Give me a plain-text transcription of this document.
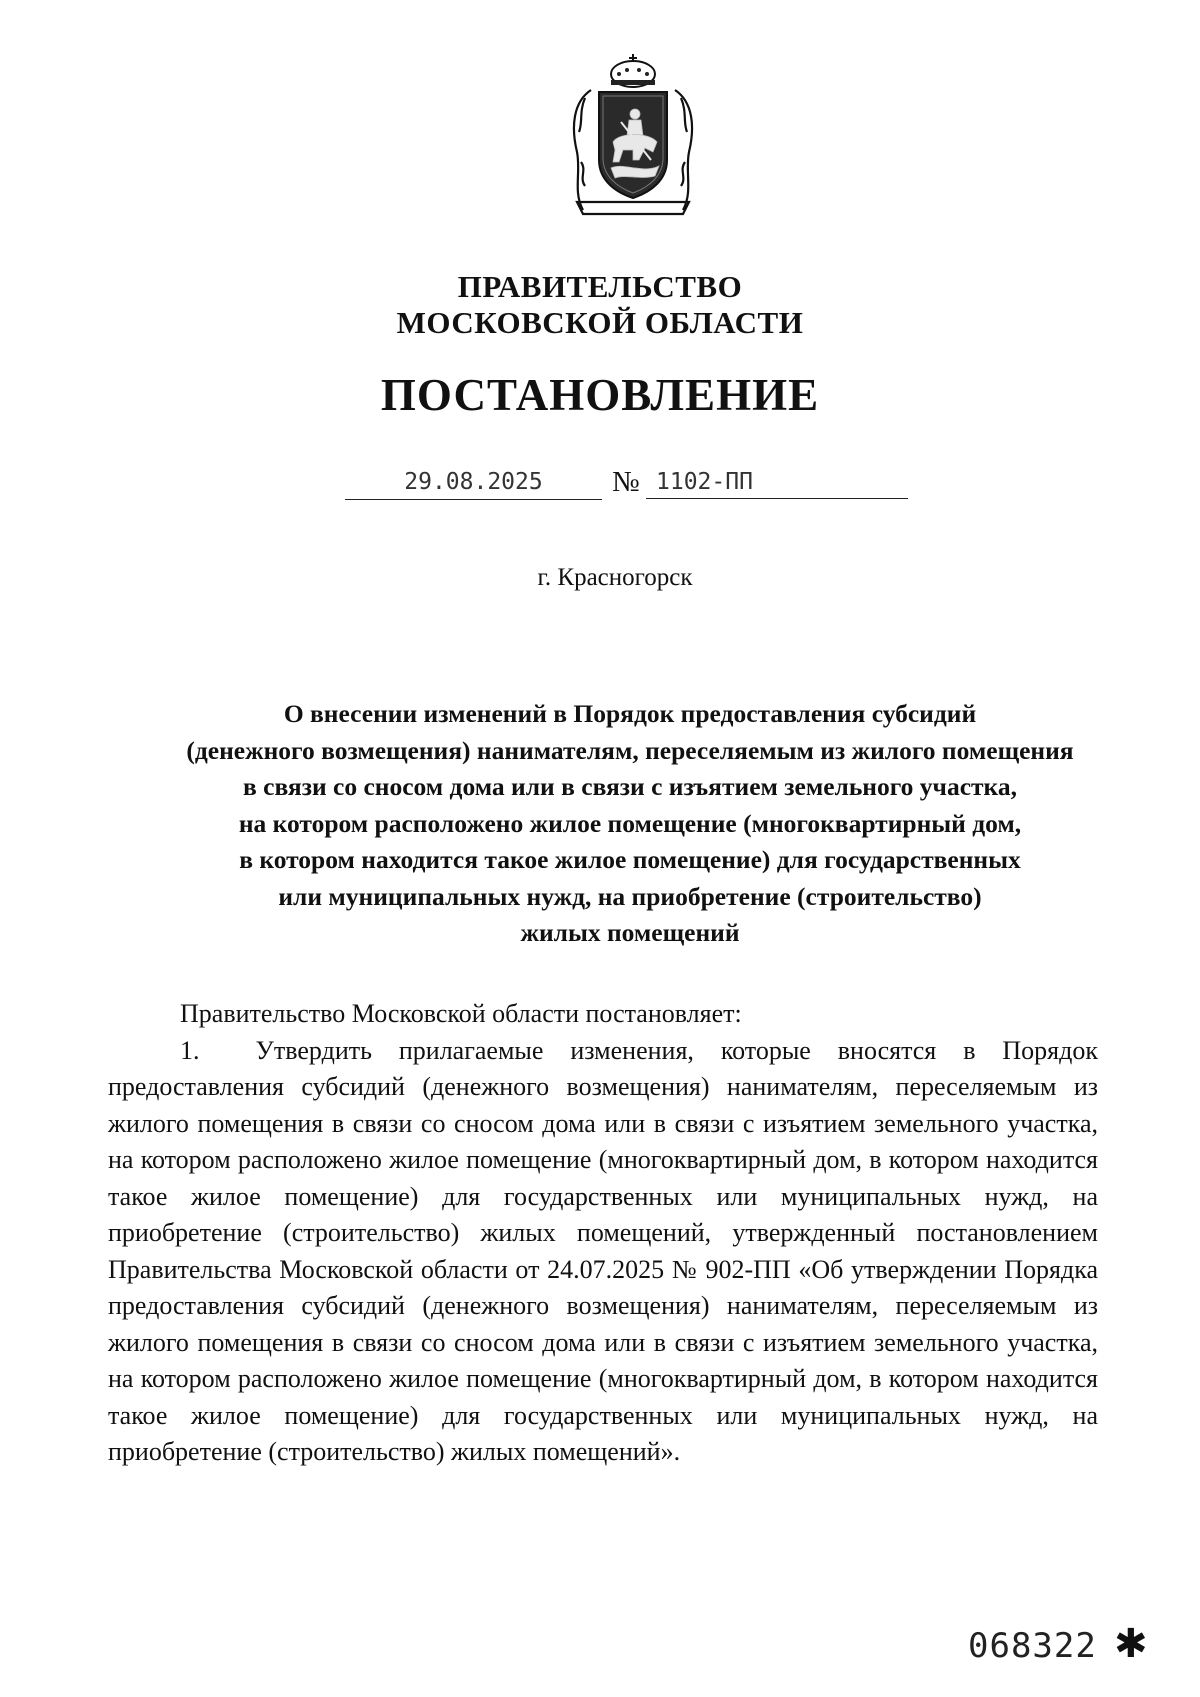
ПРАВИТЕЛЬСТВО
МОСКОВСКОЙ ОБЛАСТИ
ПОСТАНОВЛЕНИЕ
29.08.2025	№ 1102-ПП
г. Красногорск
О внесении изменений в Порядок предоставления субсидий
(денежного возмещения) нанимателям, переселяемым из жилого помещения
в связи со сносом дома или в связи с изъятием земельного участка,
на котором расположено жилое помещение (многоквартирный дом,
в котором находится такое жилое помещение) для государственных
или муниципальных нужд, на приобретение (строительство)
жилых помещений
Правительство Московской области постановляет:
1. Утвердить прилагаемые изменения, которые вносятся в Порядок предоставления субсидий (денежного возмещения) нанимателям, переселяемым из жилого помещения в связи со сносом дома или в связи с изъятием земельного участка, на котором расположено жилое помещение (многоквартирный дом, в котором находится такое жилое помещение) для государственных или муниципальных нужд, на приобретение (строительство) жилых помещений, утвержденный постановлением Правительства Московской области от 24.07.2025 № 902-ПП «Об утверждении Порядка предоставления субсидий (денежного возмещения) нанимателям, переселяемым из жилого помещения в связи со сносом дома или в связи с изъятием земельного участка, на котором расположено жилое помещение (многоквартирный дом, в котором находится такое жилое помещение) для государственных или муниципальных нужд, на приобретение (строительство) жилых помещений».
068322 ✱
